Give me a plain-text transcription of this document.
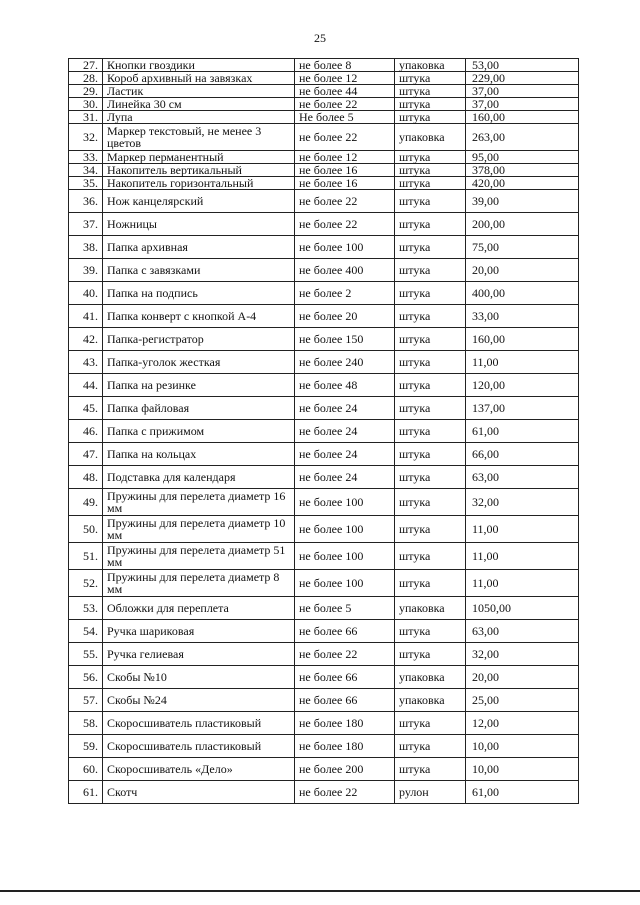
25
27.	Кнопки гвоздики	не более 8	упаковка	53,00
28.	Короб архивный на завязках	не более 12	штука	229,00
29.	Ластик	не более 44	штука	37,00
30.	Линейка 30 см	не более 22	штука	37,00
31.	Лупа	Не более 5	штука	160,00
32.	Маркер текстовый, не менее 3 цветов	не более 22	упаковка	263,00
33.	Маркер перманентный	не более 12	штука	95,00
34.	Накопитель вертикальный	не более 16	штука	378,00
35.	Накопитель горизонтальный	не более 16	штука	420,00
36.	Нож канцелярский	не более 22	штука	39,00
37.	Ножницы	не более 22	штука	200,00
38.	Папка архивная	не более 100	штука	75,00
39.	Папка с завязками	не более 400	штука	20,00
40.	Папка на подпись	не более 2	штука	400,00
41.	Папка конверт с кнопкой А-4	не более 20	штука	33,00
42.	Папка-регистратор	не более 150	штука	160,00
43.	Папка-уголок жесткая	не более 240	штука	11,00
44.	Папка на резинке	не более 48	штука	120,00
45.	Папка файловая	не более 24	штука	137,00
46.	Папка с прижимом	не более 24	штука	61,00
47.	Папка на кольцах	не более 24	штука	66,00
48.	Подставка для календаря	не более 24	штука	63,00
49.	Пружины для перелета диаметр 16 мм	не более 100	штука	32,00
50.	Пружины для перелета диаметр 10 мм	не более 100	штука	11,00
51.	Пружины для перелета диаметр 51 мм	не более 100	штука	11,00
52.	Пружины для перелета диаметр 8 мм	не более 100	штука	11,00
53.	Обложки для переплета	не более 5	упаковка	1050,00
54.	Ручка шариковая	не более 66	штука	63,00
55.	Ручка гелиевая	не более 22	штука	32,00
56.	Скобы №10	не более 66	упаковка	20,00
57.	Скобы №24	не более 66	упаковка	25,00
58.	Скоросшиватель пластиковый	не более 180	штука	12,00
59.	Скоросшиватель пластиковый	не более 180	штука	10,00
60.	Скоросшиватель «Дело»	не более 200	штука	10,00
61.	Скотч	не более 22	рулон	61,00
